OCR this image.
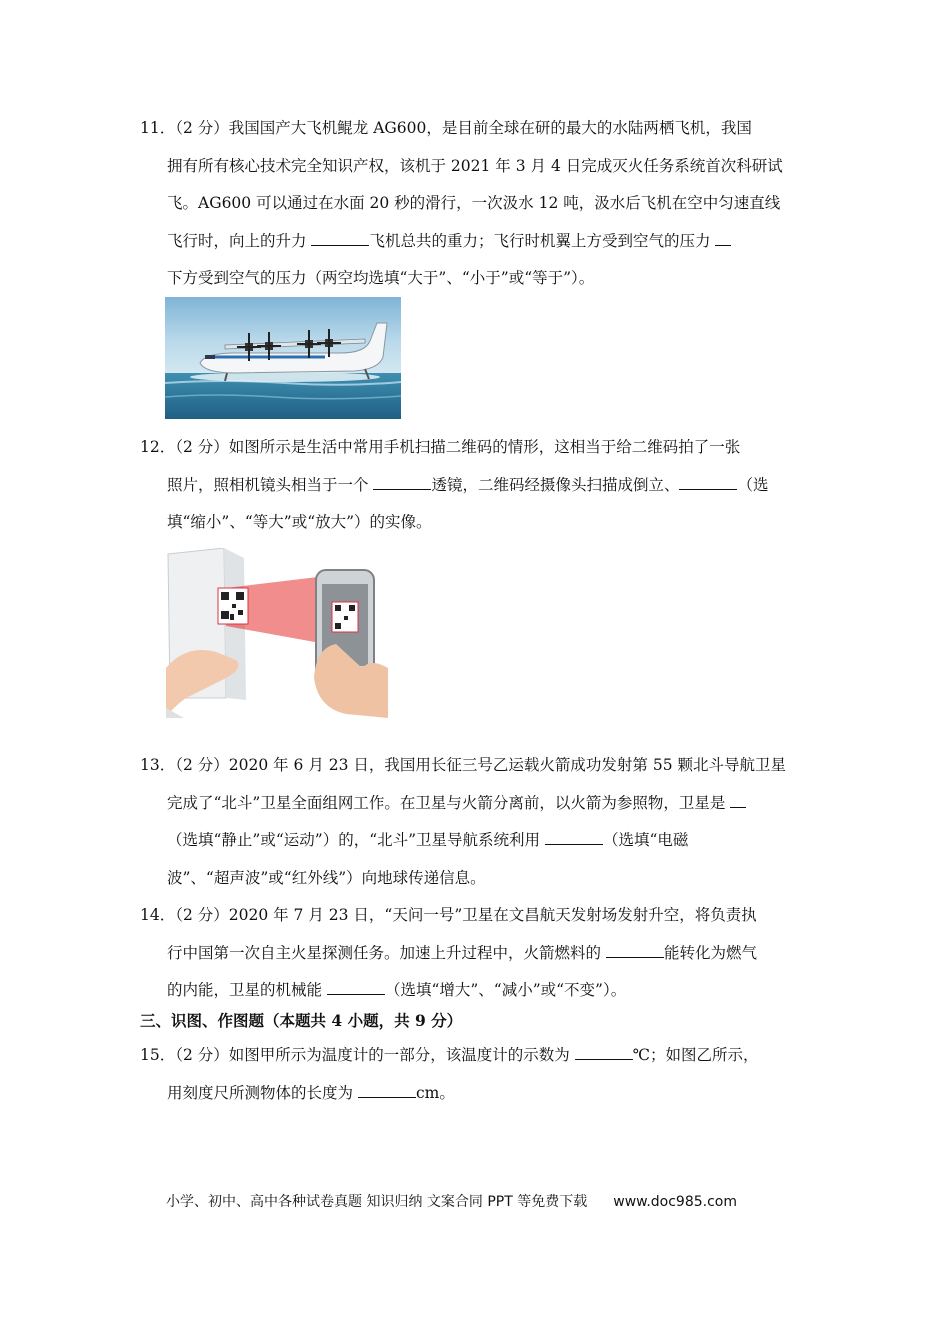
11．（2 分）我国国产大飞机鲲龙 AG600，是目前全球在研的最大的水陆两栖飞机，我国
拥有所有核心技术完全知识产权，该机于 2021 年 3 月 4 日完成灭火任务系统首次科研试
飞。AG600 可以通过在水面 20 秒的滑行，一次汲水 12 吨，汲水后飞机在空中匀速直线
飞行时，向上的升力	飞机总共的重力；飞行时机翼上方受到空气的压力
下方受到空气的压力（两空均选填“大于”、“小于”或“等于”）。
12．（2 分）如图所示是生活中常用手机扫描二维码的情形，这相当于给二维码拍了一张
照片，照相机镜头相当于一个	透镜，二维码经摄像头扫描成倒立、	（选
填“缩小”、“等大”或“放大”）的实像。
13．（2 分）2020 年 6 月 23 日，我国用长征三号乙运载火箭成功发射第 55 颗北斗导航卫星
完成了“北斗”卫星全面组网工作。在卫星与火箭分离前，以火箭为参照物，卫星是
（选填“静止”或“运动”）的，“北斗”卫星导航系统利用	（选填“电磁
波”、“超声波”或“红外线”）向地球传递信息。
14．（2 分）2020 年 7 月 23 日，“天问一号”卫星在文昌航天发射场发射升空，将负责执
行中国第一次自主火星探测任务。加速上升过程中，火箭燃料的	能转化为燃气
的内能，卫星的机械能	（选填“增大”、“减小”或“不变”）。
三、识图、作图题（本题共 4 小题，共 9 分）
15．（2 分）如图甲所示为温度计的一部分，该温度计的示数为	℃；如图乙所示，
用刻度尺所测物体的长度为	cm。
小学、初中、高中各种试卷真题 知识归纳 文案合同 PPT 等免费下载 www.doc985.com
